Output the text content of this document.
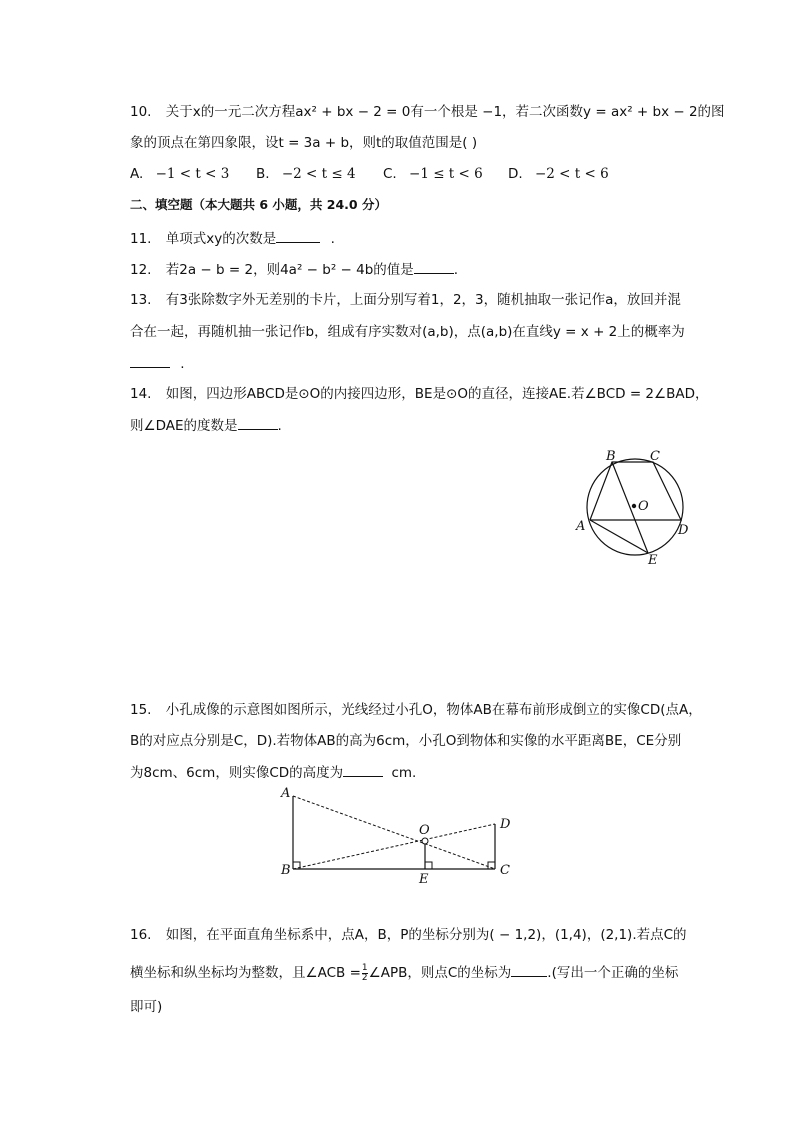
10. 关于x的一元二次方程ax² + bx − 2 = 0有一个根是 −1，若二次函数y = ax² + bx − 2的图
象的顶点在第四象限，设t = 3a + b，则t的取值范围是( )
A. −1 < t < 3 B. −2 < t ≤ 4 C. −1 ≤ t < 6 D. −2 < t < 6
二、填空题（本大题共 6 小题，共 24.0 分）
11. 单项式xy的次数是	.
12. 若2a − b = 2，则4a² − b² − 4b的值是	.
13. 有3张除数字外无差别的卡片，上面分别写着1，2，3，随机抽取一张记作a，放回并混
合在一起，再随机抽一张记作b，组成有序实数对(a,b)，点(a,b)在直线y = x + 2上的概率为
.
14. 如图，四边形ABCD是⊙O的内接四边形，BE是⊙O的直径，连接AE.若∠BCD = 2∠BAD，
则∠DAE的度数是	.
B	C
O
A	D
E
15. 小孔成像的示意图如图所示，光线经过小孔O，物体AB在幕布前形成倒立的实像CD(点A，
B的对应点分别是C，D).若物体AB的高为6cm，小孔O到物体和实像的水平距离BE，CE分别
为8cm、6cm，则实像CD的高度为	cm.
A
B
O
E
D
C
16. 如图，在平面直角坐标系中，点A，B，P的坐标分别为( − 1,2)，(1,4)，(2,1).若点C的
横坐标和纵坐标均为整数，且∠ACB = $\frac{1}{2}$ ∠APB，则点C的坐标为	.(写出一个正确的坐标
即可)
